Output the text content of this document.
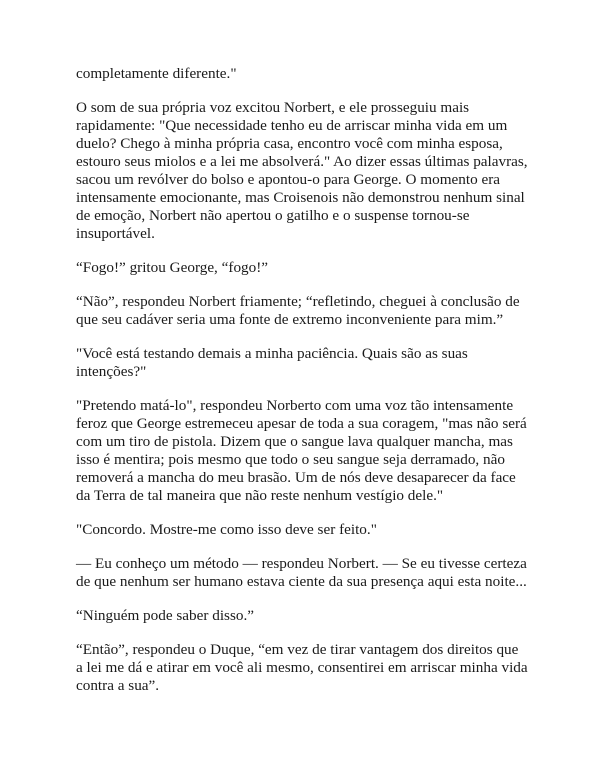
completamente diferente."

O som de sua própria voz excitou Norbert, e ele prosseguiu mais rapidamente: "Que necessidade tenho eu de arriscar minha vida em um duelo? Chego à minha própria casa, encontro você com minha esposa, estouro seus miolos e a lei me absolverá." Ao dizer essas últimas palavras, sacou um revólver do bolso e apontou-o para George. O momento era intensamente emocionante, mas Croisenois não demonstrou nenhum sinal de emoção, Norbert não apertou o gatilho e o suspense tornou-se insuportável.

“Fogo!” gritou George, “fogo!”

“Não”, respondeu Norbert friamente; “refletindo, cheguei à conclusão de que seu cadáver seria uma fonte de extremo inconveniente para mim.”

"Você está testando demais a minha paciência. Quais são as suas intenções?"

"Pretendo matá-lo", respondeu Norberto com uma voz tão intensamente feroz que George estremeceu apesar de toda a sua coragem, "mas não será com um tiro de pistola. Dizem que o sangue lava qualquer mancha, mas isso é mentira; pois mesmo que todo o seu sangue seja derramado, não removerá a mancha do meu brasão. Um de nós deve desaparecer da face da Terra de tal maneira que não reste nenhum vestígio dele."

"Concordo. Mostre-me como isso deve ser feito."

— Eu conheço um método — respondeu Norbert. — Se eu tivesse certeza de que nenhum ser humano estava ciente da sua presença aqui esta noite...

“Ninguém pode saber disso.”

“Então”, respondeu o Duque, “em vez de tirar vantagem dos direitos que a lei me dá e atirar em você ali mesmo, consentirei em arriscar minha vida contra a sua”.
